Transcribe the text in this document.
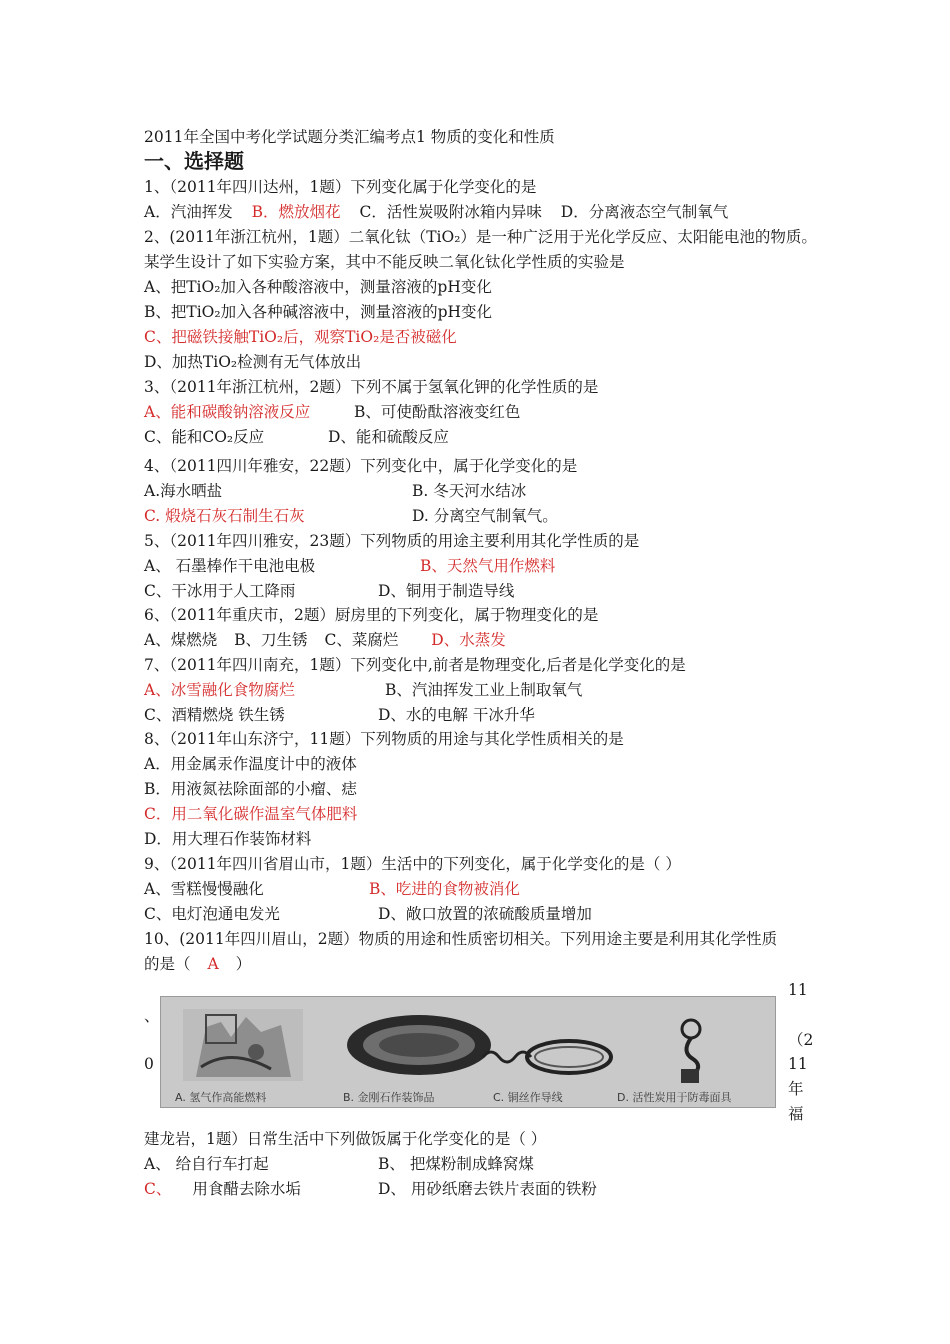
2011年全国中考化学试题分类汇编考点1 物质的变化和性质
一、选择题
1、（2011年四川达州，1题）下列变化属于化学变化的是
A．汽油挥发 B．燃放烟花 C．活性炭吸附冰箱内异味 D．分离液态空气制氧气
2、(2011年浙江杭州，1题）二氧化钛（TiO₂）是一种广泛用于光化学反应、太阳能电池的物质。
某学生设计了如下实验方案，其中不能反映二氧化钛化学性质的实验是
A、把TiO₂加入各种酸溶液中，测量溶液的pH变化
B、把TiO₂加入各种碱溶液中，测量溶液的pH变化
C、把磁铁接触TiO₂后，观察TiO₂是否被磁化
D、加热TiO₂检测有无气体放出
3、（2011年浙江杭州，2题）下列不属于氢氧化钾的化学性质的是
A、能和碳酸钠溶液反应	B、可使酚酞溶液变红色
C、能和CO₂反应	D、能和硫酸反应
4、（2011四川年雅安，22题）下列变化中，属于化学变化的是
A.海水晒盐	B. 冬天河水结冰
C. 煅烧石灰石制生石灰	D. 分离空气制氧气。
5、（2011年四川雅安，23题）下列物质的用途主要利用其化学性质的是
A、 石墨棒作干电池电极	B、天然气用作燃料
C、干冰用于人工降雨	D、铜用于制造导线
6、（2011年重庆市，2题）厨房里的下列变化，属于物理变化的是
A、煤燃烧 B、刀生锈 C、菜腐烂 D、水蒸发
7、（2011年四川南充，1题）下列变化中,前者是物理变化,后者是化学变化的是
A、冰雪融化食物腐烂	B、汽油挥发工业上制取氧气
C、酒精燃烧 铁生锈	D、水的电解 干冰升华
8、（2011年山东济宁，11题）下列物质的用途与其化学性质相关的是
A．用金属汞作温度计中的液体
B．用液氮祛除面部的小瘤、痣
C．用二氧化碳作温室气体肥料
D．用大理石作装饰材料
9、（2011年四川省眉山市，1题）生活中的下列变化，属于化学变化的是（ ）
A、雪糕慢慢融化	B、吃进的食物被消化
C、电灯泡通电发光	D、敞口放置的浓硫酸质量增加
10、(2011年四川眉山，2题）物质的用途和性质密切相关。下列用途主要是利用其化学性质
的是（ A ）
、
0
11
（2
11
年
福
A. 氢气作高能燃料	B. 金刚石作装饰品	C. 铜丝作导线	D. 活性炭用于防毒面具
建龙岩，1题）日常生活中下列做饭属于化学变化的是（ ）
A、 给自行车打起	B、 把煤粉制成蜂窝煤
C、 用食醋去除水垢	D、 用砂纸磨去铁片表面的铁粉
